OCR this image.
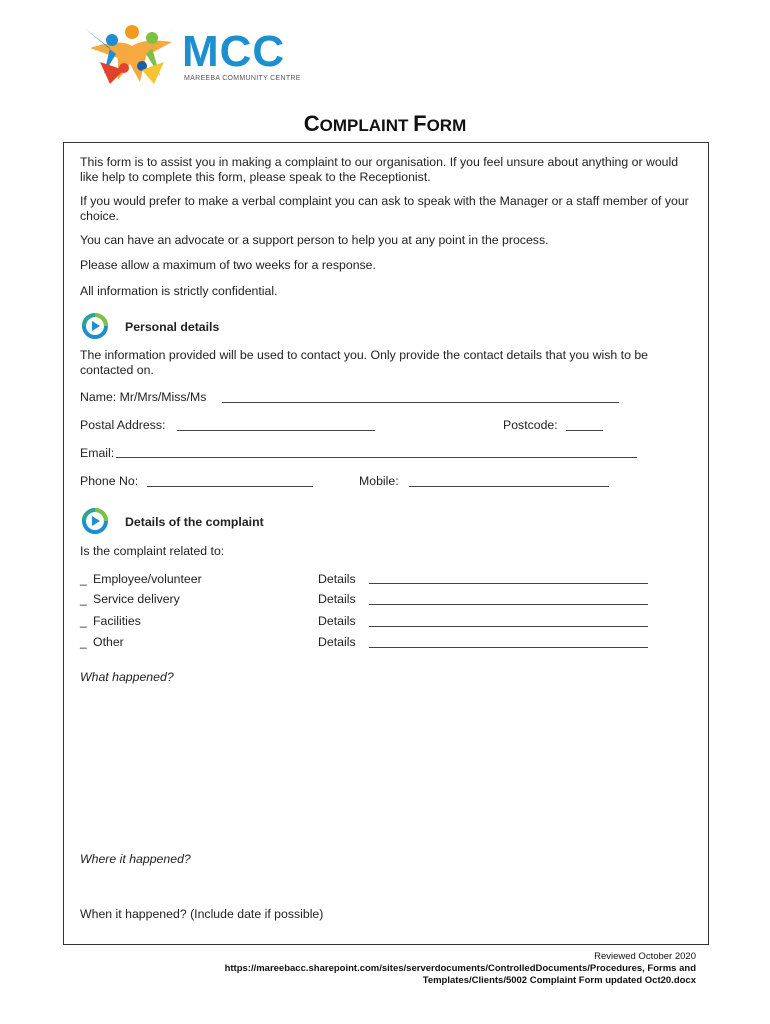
MCC
MAREEBA COMMUNITY CENTRE
COMPLAINT FORM
This form is to assist you in making a complaint to our organisation. If you feel unsure about anything or would like help to complete this form, please speak to the Receptionist.
If you would prefer to make a verbal complaint you can ask to speak with the Manager or a staff member of your choice.
You can have an advocate or a support person to help you at any point in the process.
Please allow a maximum of two weeks for a response.
All information is strictly confidential.
Personal details
The information provided will be used to contact you. Only provide the contact details that you wish to be contacted on.
Name: Mr/Mrs/Miss/Ms
Postal Address:	Postcode:
Email:
Phone No:	Mobile:
Details of the complaint
Is the complaint related to:
_ Employee/volunteer	Details
_ Service delivery	Details
_ Facilities	Details
_ Other	Details
What happened?
Where it happened?
When it happened? (Include date if possible)
Reviewed October 2020
https://mareebacc.sharepoint.com/sites/serverdocuments/ControlledDocuments/Procedures, Forms and
Templates/Clients/5002 Complaint Form updated Oct20.docx
